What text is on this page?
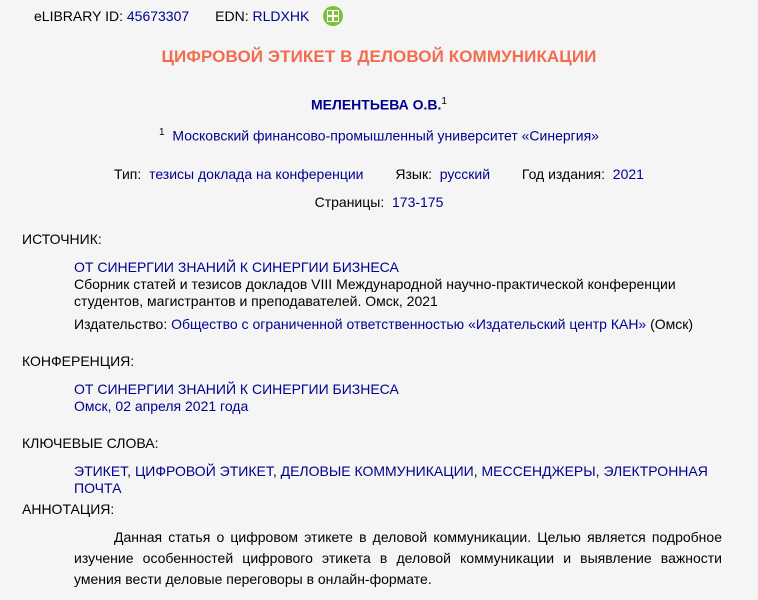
eLIBRARY ID:
45673307 EDN:
RLDXHK
ЦИФРОВОЙ ЭТИКЕТ В ДЕЛОВОЙ КОММУНИКАЦИИ
МЕЛЕНТЬЕВА О.В.$^1$
$^1$ Московский финансово-промышленный университет «Синергия»
Тип: тезисы доклада на конференции Язык: русский Год издания: 2021
Страницы: 173-175
ИСТОЧНИК:
ОТ СИНЕРГИИ ЗНАНИЙ К СИНЕРГИИ БИЗНЕСА
Сборник статей и тезисов докладов VIII Международной научно-практической конференции студентов, магистрантов и преподавателей. Омск, 2021
Издательство: Общество с ограниченной ответственностью «Издательский центр КАН» (Омск)
КОНФЕРЕНЦИЯ:
ОТ СИНЕРГИИ ЗНАНИЙ К СИНЕРГИИ БИЗНЕСА
Омск, 02 апреля 2021 года
КЛЮЧЕВЫЕ СЛОВА:
ЭТИКЕТ, ЦИФРОВОЙ ЭТИКЕТ, ДЕЛОВЫЕ КОММУНИКАЦИИ, МЕССЕНДЖЕРЫ, ЭЛЕКТРОННАЯ ПОЧТА
АННОТАЦИЯ:
Данная статья о цифровом этикете в деловой коммуникации. Целью является подробное изучение особенностей цифрового этикета в деловой коммуникации и выявление важности умения вести деловые переговоры в онлайн-формате.
